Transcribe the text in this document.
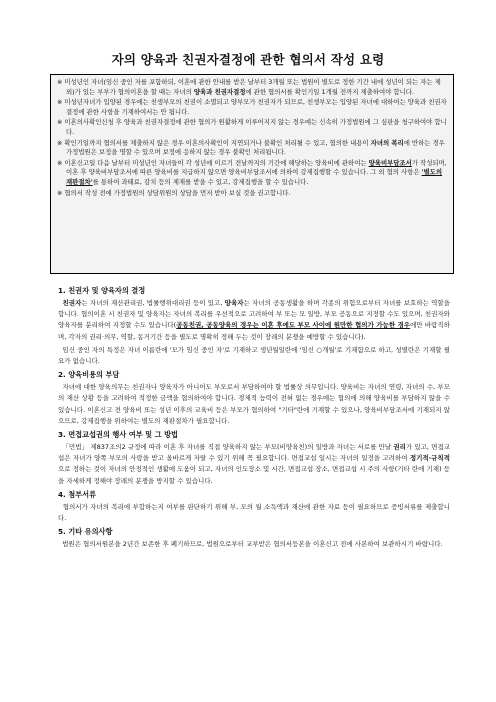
자의 양육과 친권자결정에 관한 협의서 작성 요령

※ 미성년인 자녀(임신 중인 자를 포함하되, 이혼에 관한 안내를 받은 날부터 3개월 또는 법원이 별도로 정한 기간 내에 성년이 되는 자는 제외)가 있는 부부가 협의이혼을 할 때는 자녀의 양육과 친권자결정에 관한 협의서를 확인기일 1개월 전까지 제출하여야 합니다.

※ 미성년자녀가 입양된 경우에는 친생부모의 친권이 소멸되고 양부모가 친권자가 되므로, 친생부모는 입양된 자녀에 대하여는 양육과 친권자결정에 관한 사항을 기재하여서는 안 됩니다.

※ 이혼의사확인신청 후 양육과 친권자결정에 관한 협의가 원활하게 이루어지지 않는 경우에는 신속히 가정법원에 그 심판을 청구하여야 합니다.

※ 확인기일까지 협의서를 제출하지 않은 경우 이혼의사확인이 지연되거나 불확인 처리될 수 있고, 협의한 내용이 자녀의 복리에 반하는 경우 가정법원은 보정을 명할 수 있으며 보정에 응하지 않는 경우 불확인 처리됩니다.

※ 이혼신고일 다음 날부터 미성년인 자녀들이 각 성년에 이르기 전날까지의 기간에 해당하는 양육비에 관하여는 양육비부담조서가 작성되며, 이혼 후 양육비부담조서에 따른 양육비를 지급하지 않으면 양육비부담조서에 의하여 강제집행할 수 있습니다. 그 외 협의 사항은 '별도의 재판절차'를 통하여 과태료, 감치 등의 제재를 받을 수 있고, 강제집행을 할 수 있습니다.

※ 협의서 작성 전에 가정법원의 상담위원의 상담을 먼저 받아 보실 것을 권고합니다.

1. 친권자 및 양육자의 결정

친권자는 자녀의 재산관리권, 법률행위대리권 등이 있고, 양육자는 자녀의 공동생활을 하며 각종의 위험으로부터 자녀를 보호하는 역할을 합니다. 협의이혼 시 친권자 및 양육자는 자녀의 복리를 우선적으로 고려하여 부 또는 모 일방, 부모 공동으로 지정할 수도 있으며, 친권자와 양육자를 분리하여 지정할 수도 있습니다(공동친권, 공동양육의 경우는 이혼 후에도 부모 사이에 원만한 협의가 가능한 경우에만 바람직하며, 각자의 권리·의무, 역할, 동거기간 등을 별도로 명확히 정해 두는 것이 장래의 분쟁을 예방할 수 있습니다).

임신 중인 자의 특정은 자녀 이름란에 '모가 임신 중인 자'로 기재하고 생년월일란에 '임신 ○개월'로 기재함으로 하고, 성별란은 기재할 필요가 없습니다.

2. 양육비용의 부담

자녀에 대한 양육의무는 친권자나 양육자가 아니어도 부모로서 부담하여야 할 법률상 의무입니다. 양육비는 자녀의 연령, 자녀의 수, 부모의 재산 상황 등을 고려하여 적정한 금액을 협의하여야 합니다. 경제적 능력이 전혀 없는 경우에는 협의에 의해 양육비를 부담하지 않을 수 있습니다. 이혼신고 전 양육비 또는 성년 이후의 교육비 등은 부모가 협의하여 "기타"란에 기재할 수 있으나, 양육비부담조서에 기재되지 않으므로, 강제집행을 위하여는 별도의 재판절차가 필요합니다.

3. 면접교섭권의 행사 여부 및 그 방법

「민법」 제837조의2 규정에 따라 이혼 후 자녀를 직접 양육하지 않는 부모(비양육친)의 일방과 자녀는 서로를 만날 권리가 있고, 면접교섭은 자녀가 양쪽 부모의 사랑을 받고 올바르게 자랄 수 있기 위해 꼭 필요합니다. 면접교섭 일시는 자녀의 일정을 고려하여 정기적·규칙적으로 정하는 것이 자녀의 안정적인 생활에 도움이 되고, 자녀의 인도장소 및 시간, 면접교섭 장소, 면접교섭 시 주의 사항(기타 란에 기재) 등을 자세하게 정해야 장래의 분쟁을 방지할 수 있습니다.

4. 첨부서류

협의서가 자녀의 복리에 부합하는지 여부를 판단하기 위해 부, 모의 월 소득액과 재산에 관한 자료 등이 필요하므로 증빙서류를 제출합니다.

5. 기타 유의사항

법원은 협의서원본을 2년간 보존한 후 폐기하므로, 법원으로부터 교부받은 협의서등본을 이혼신고 전에 사본하여 보관하시기 바랍니다.
